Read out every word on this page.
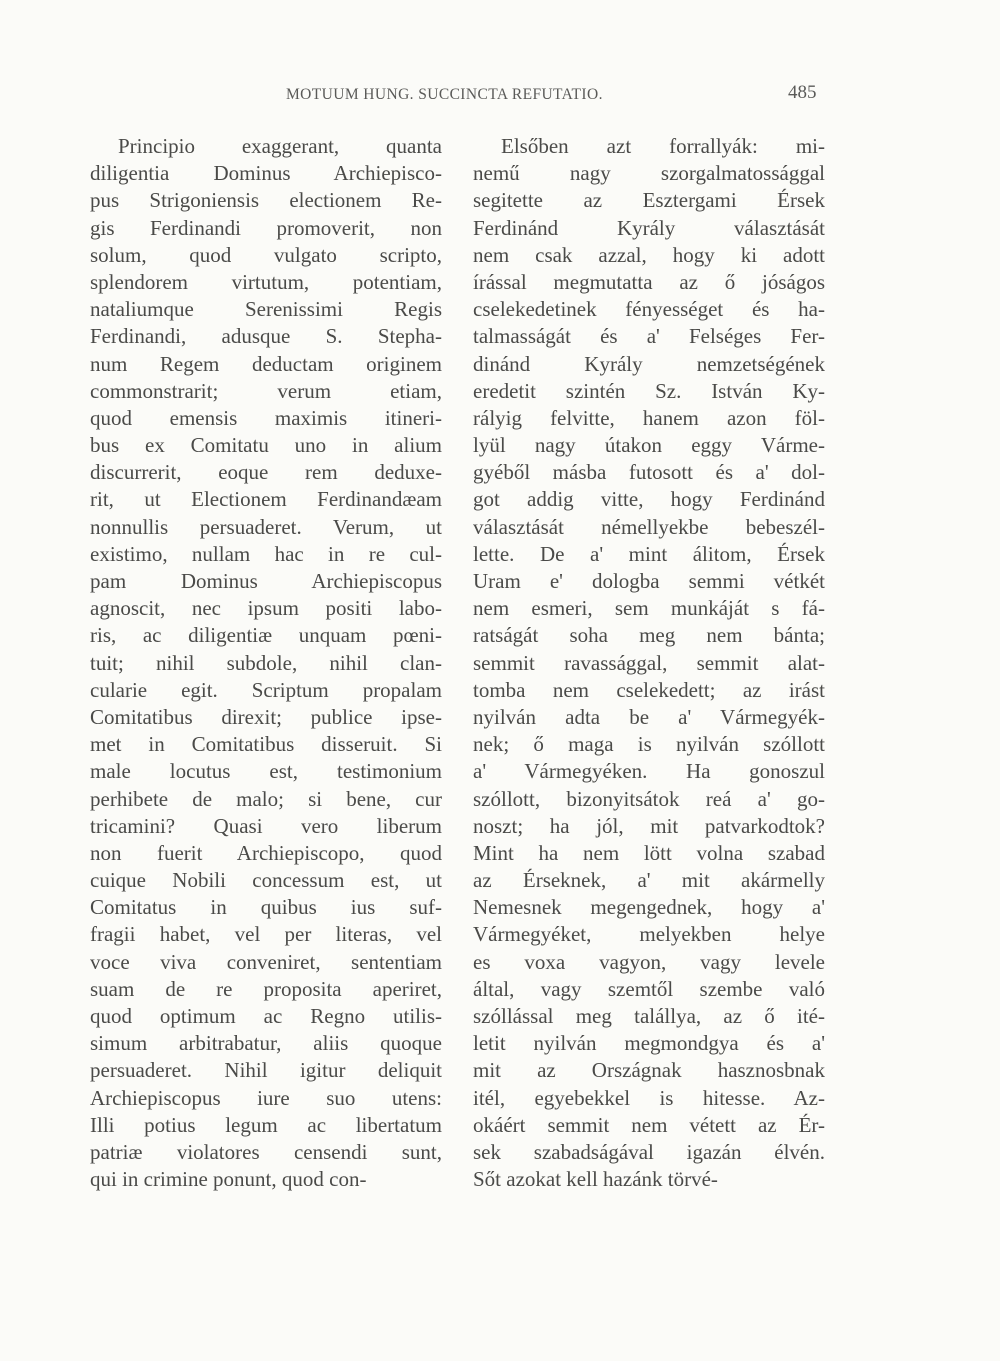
MOTUUM HUNG. SUCCINCTA REFUTATIO.	485
Principio exaggerant, quanta
diligentia Dominus Archiepisco-
pus Strigoniensis electionem Re-
gis Ferdinandi promoverit, non
solum, quod vulgato scripto,
splendorem virtutum, potentiam,
nataliumque Serenissimi Regis
Ferdinandi, adusque S. Stepha-
num Regem deductam originem
commonstrarit; verum etiam,
quod emensis maximis itineri-
bus ex Comitatu uno in alium
discurrerit, eoque rem deduxe-
rit, ut Electionem Ferdinandæam
nonnullis persuaderet. Verum, ut
existimo, nullam hac in re cul-
pam Dominus Archiepiscopus
agnoscit, nec ipsum positi labo-
ris, ac diligentiæ unquam pœni-
tuit; nihil subdole, nihil clan-
cularie egit. Scriptum propalam
Comitatibus direxit; publice ipse-
met in Comitatibus disseruit. Si
male locutus est, testimonium
perhibete de malo; si bene, cur
tricamini? Quasi vero liberum
non fuerit Archiepiscopo, quod
cuique Nobili concessum est, ut
Comitatus in quibus ius suf-
fragii habet, vel per literas, vel
voce viva conveniret, sententiam
suam de re proposita aperiret,
quod optimum ac Regno utilis-
simum arbitrabatur, aliis quoque
persuaderet. Nihil igitur deliquit
Archiepiscopus iure suo utens:
Illi potius legum ac libertatum
patriæ violatores censendi sunt,
qui in crimine ponunt, quod con-
Elsőben azt forrallyák: mi-
nemű nagy szorgalmatossággal
segitette az Esztergami Érsek
Ferdinánd Kyrály választását
nem csak azzal, hogy ki adott
írással megmutatta az ő jóságos
cselekedetinek fényességet és ha-
talmasságát és a' Felséges Fer-
dinánd Kyrály nemzetségének
eredetit szintén Sz. István Ky-
rályig felvitte, hanem azon föl-
lyül nagy útakon eggy Vármе-
gyéből másba futosott és a' dol-
got addig vitte, hogy Ferdinánd
választását némellyekbe bebeszél-
lette. De a' mint álitom, Érsek
Uram e' dologba semmi vétkét
nem esmeri, sem munkáját s fá-
ratságát soha meg nem bánta;
semmit ravassággal, semmit alat-
tomba nem cselekedett; az irást
nyilván adta be a' Vármegyék-
nek; ő maga is nyilván szóllott
a' Vármegyéken. Ha gonoszul
szóllott, bizonyitsátok reá a' go-
noszt; ha jól, mit patvarkodtok?
Mint ha nem lött volna szabad
az Érseknek, a' mit akármelly
Nemesnek megengednek, hogy a'
Vármegyéket, melyekben helye
es voxa vagyon, vagy levele
által, vagy szemtől szembe való
szóllással meg talállya, az ő ité-
letit nyilván megmondgya és a'
mit az Országnak hasznosbnak
itél, egyebekkel is hitesse. Az-
okáért semmit nem vétett az Ér-
sek szabadságával igazán élvén.
Sőt azokat kell hazánk törvé-
